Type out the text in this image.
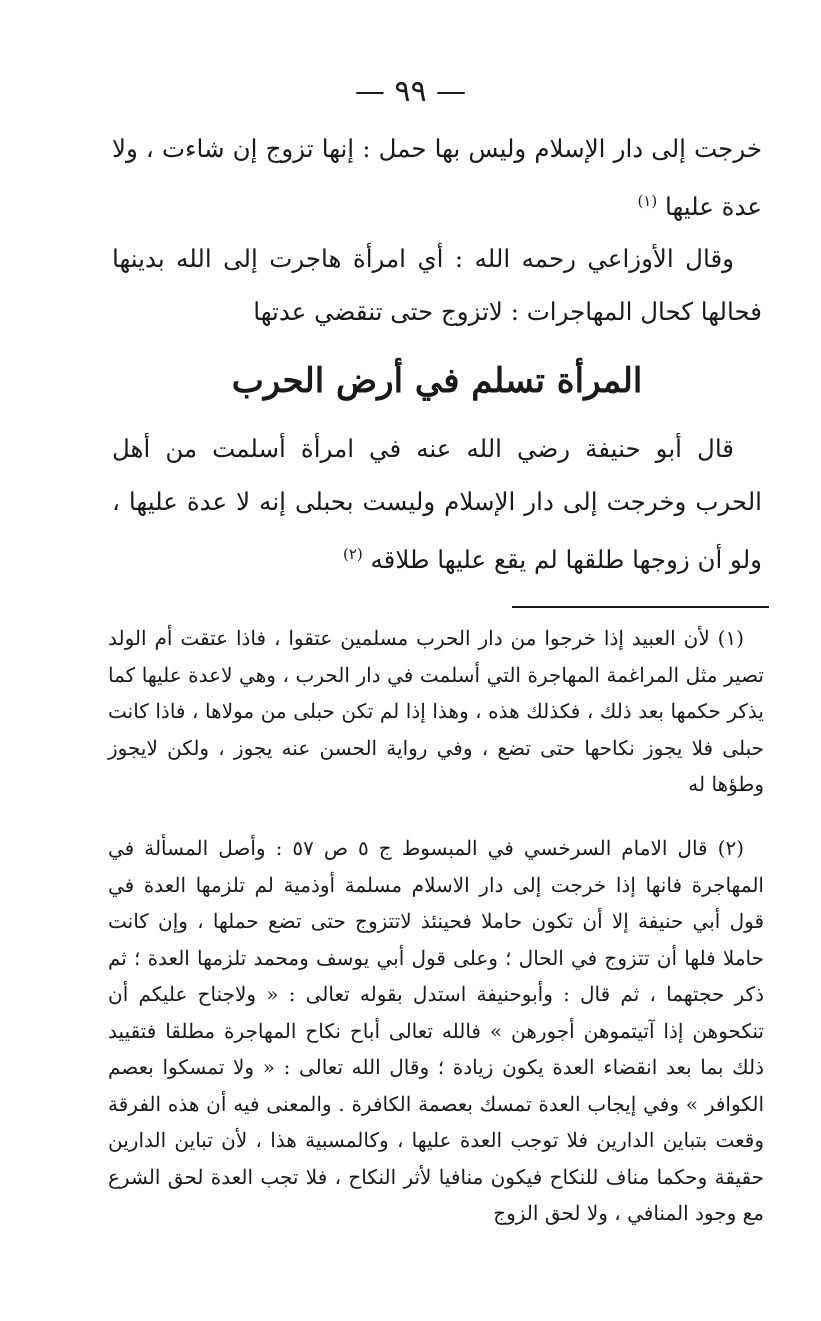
— ٩٩ —

خرجت إلى دار الإسلام وليس بها حمل : إنها تزوج إن شاءت ، ولا عدة عليها $^{(١)}$

وقال الأوزاعي رحمه الله : أي امرأة هاجرت إلى الله بدينها فحالها كحال المهاجرات : لاتزوج حتى تنقضي عدتها

المرأة تسلم في أرض الحرب

قال أبو حنيفة رضي الله عنه في امرأة أسلمت من أهل الحرب وخرجت إلى دار الإسلام وليست بحبلى إنه لا عدة عليها ، ولو أن زوجها طلقها لم يقع عليها طلاقه $^{(٢)}$

(١) لأن العبيد إذا خرجوا من دار الحرب مسلمين عتقوا ، فاذا عتقت أم الولد تصير مثل المراغمة المهاجرة التي أسلمت في دار الحرب ، وهي لاعدة عليها كما يذكر حكمها بعد ذلك ، فكذلك هذه ، وهذا إذا لم تكن حبلى من مولاها ، فاذا كانت حبلى فلا يجوز نكاحها حتى تضع ، وفي رواية الحسن عنه يجوز ، ولكن لايجوز وطؤها له

(٢) قال الامام السرخسي في المبسوط ج ٥ ص ٥٧ : وأصل المسألة في المهاجرة فانها إذا خرجت إلى دار الاسلام مسلمة أوذمية لم تلزمها العدة في قول أبي حنيفة إلا أن تكون حاملا فحينئذ لاتتزوج حتى تضع حملها ، وإن كانت حاملا فلها أن تتزوج في الحال ؛ وعلى قول أبي يوسف ومحمد تلزمها العدة ؛ ثم ذكر حجتهما ، ثم قال : وأبوحنيفة استدل بقوله تعالى : « ولاجناح عليكم أن تنكحوهن إذا آتيتموهن أجورهن » فالله تعالى أباح نكاح المهاجرة مطلقا فتقييد ذلك بما بعد انقضاء العدة يكون زيادة ؛ وقال الله تعالى : « ولا تمسكوا بعصم الكوافر » وفي إيجاب العدة تمسك بعصمة الكافرة . والمعنى فيه أن هذه الفرقة وقعت بتباين الدارين فلا توجب العدة عليها ، وكالمسبية هذا ، لأن تباين الدارين حقيقة وحكما مناف للنكاح فيكون منافيا لأثر النكاح ، فلا تجب العدة لحق الشرع مع وجود المنافي ، ولا لحق الزوج
